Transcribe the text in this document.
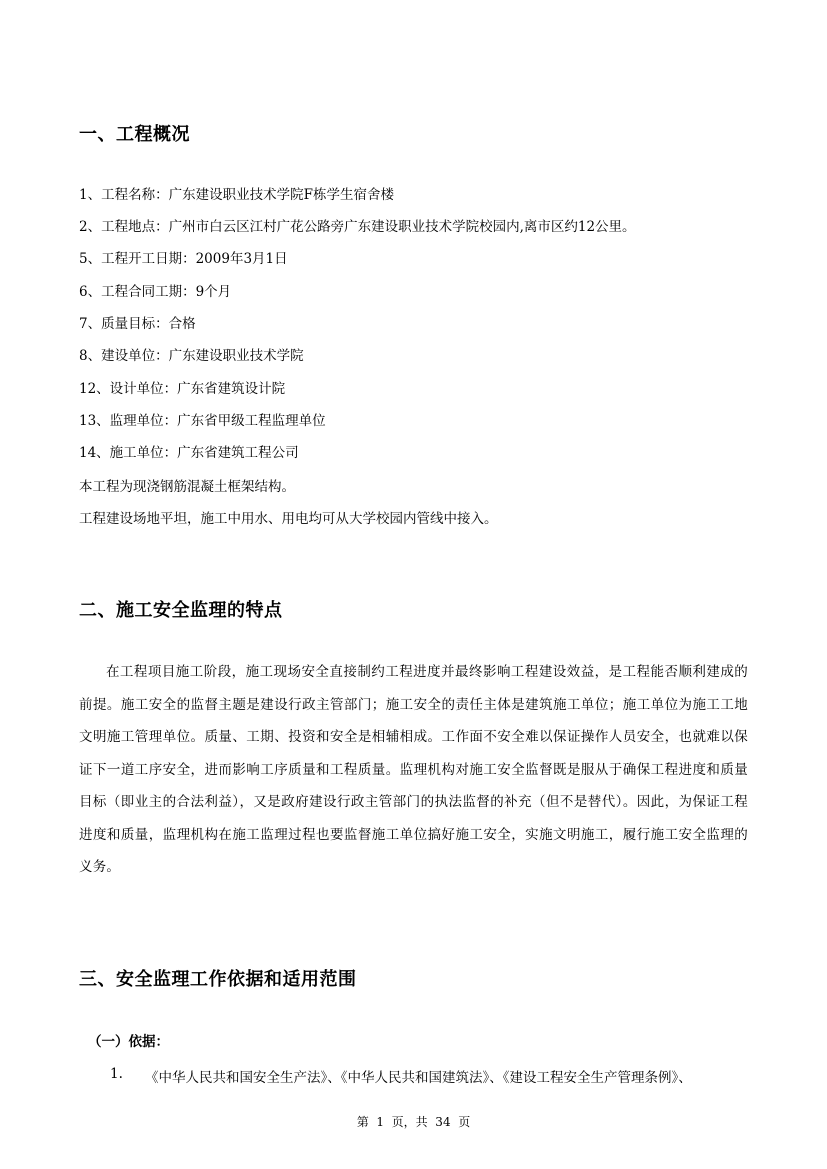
一、工程概况
1、工程名称：广东建设职业技术学院F栋学生宿舍楼
2、工程地点：广州市白云区江村广花公路旁广东建设职业技术学院校园内,离市区约12公里。
5、工程开工日期：2009年3月1日
6、工程合同工期：9个月
7、质量目标：合格
8、建设单位：广东建设职业技术学院
12、设计单位：广东省建筑设计院
13、监理单位：广东省甲级工程监理单位
14、施工单位：广东省建筑工程公司
本工程为现浇钢筋混凝土框架结构。
工程建设场地平坦，施工中用水、用电均可从大学校园内管线中接入。
二、施工安全监理的特点
在工程项目施工阶段，施工现场安全直接制约工程进度并最终影响工程建设效益，是工程能否顺利建成的前提。施工安全的监督主题是建设行政主管部门；施工安全的责任主体是建筑施工单位；施工单位为施工工地文明施工管理单位。质量、工期、投资和安全是相辅相成。工作面不安全难以保证操作人员安全，也就难以保证下一道工序安全，进而影响工序质量和工程质量。监理机构对施工安全监督既是服从于确保工程进度和质量目标（即业主的合法利益），又是政府建设行政主管部门的执法监督的补充（但不是替代）。因此，为保证工程进度和质量，监理机构在施工监理过程也要监督施工单位搞好施工安全，实施文明施工，履行施工安全监理的义务。
三、安全监理工作依据和适用范围
（一）依据：
1. 《中华人民共和国安全生产法》、《中华人民共和国建筑法》、《建设工程安全生产管理条例》、
第  1  页，共  34  页
